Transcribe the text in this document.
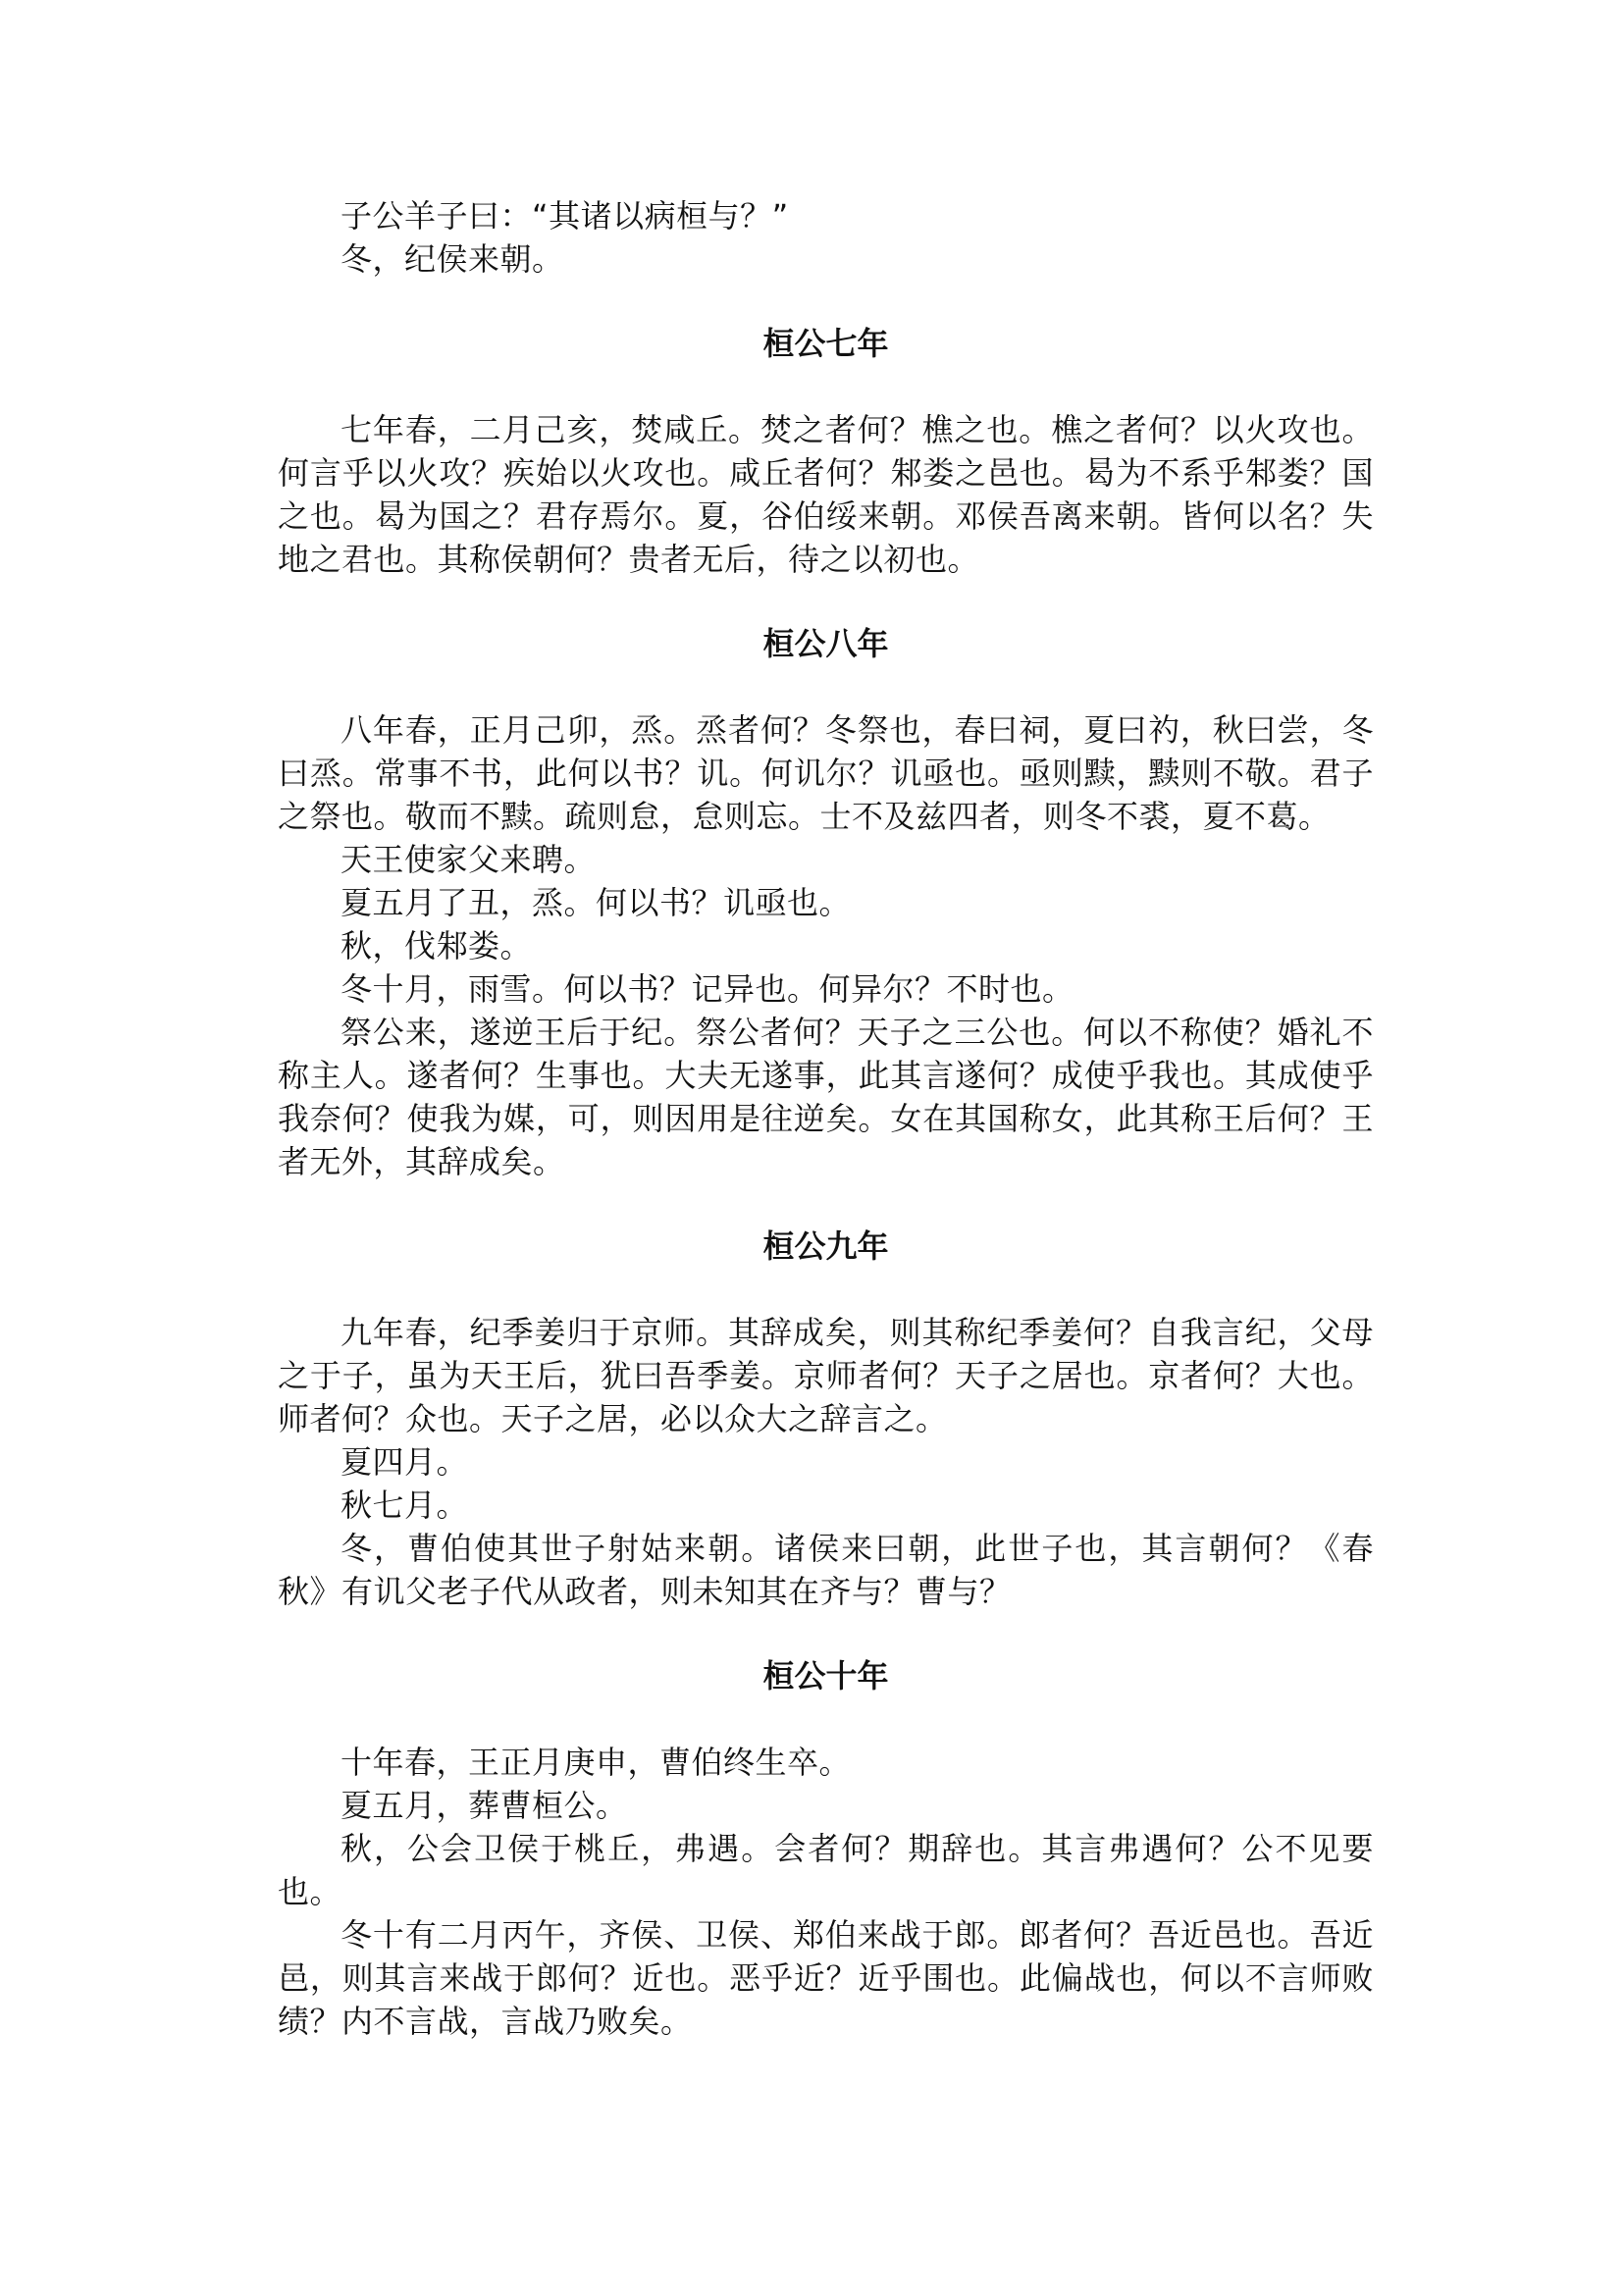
子公羊子曰：“其诸以病桓与？”

冬，纪侯来朝。

桓公七年

七年春，二月己亥，焚咸丘。焚之者何？樵之也。樵之者何？以火攻也。何言乎以火攻？疾始以火攻也。咸丘者何？邾娄之邑也。曷为不系乎邾娄？国之也。曷为国之？君存焉尔。夏，谷伯绥来朝。邓侯吾离来朝。皆何以名？失地之君也。其称侯朝何？贵者无后，待之以初也。

桓公八年

八年春，正月己卯，烝。烝者何？冬祭也，春曰祠，夏曰礿，秋曰尝，冬曰烝。常事不书，此何以书？讥。何讥尔？讥亟也。亟则黩，黩则不敬。君子之祭也。敬而不黩。疏则怠，怠则忘。士不及兹四者，则冬不裘，夏不葛。

天王使家父来聘。

夏五月了丑，烝。何以书？讥亟也。

秋，伐邾娄。

冬十月，雨雪。何以书？记异也。何异尔？不时也。

祭公来，遂逆王后于纪。祭公者何？天子之三公也。何以不称使？婚礼不称主人。遂者何？生事也。大夫无遂事，此其言遂何？成使乎我也。其成使乎我奈何？使我为媒，可，则因用是往逆矣。女在其国称女，此其称王后何？王者无外，其辞成矣。

桓公九年

九年春，纪季姜归于京师。其辞成矣，则其称纪季姜何？自我言纪，父母之于子，虽为天王后，犹曰吾季姜。京师者何？天子之居也。京者何？大也。师者何？众也。天子之居，必以众大之辞言之。

夏四月。

秋七月。

冬，曹伯使其世子射姑来朝。诸侯来曰朝，此世子也，其言朝何？《春秋》有讥父老子代从政者，则未知其在齐与？曹与？

桓公十年

十年春，王正月庚申，曹伯终生卒。

夏五月，葬曹桓公。

秋，公会卫侯于桃丘，弗遇。会者何？期辞也。其言弗遇何？公不见要也。

冬十有二月丙午，齐侯、卫侯、郑伯来战于郎。郎者何？吾近邑也。吾近邑，则其言来战于郎何？近也。恶乎近？近乎围也。此偏战也，何以不言师败绩？内不言战，言战乃败矣。
